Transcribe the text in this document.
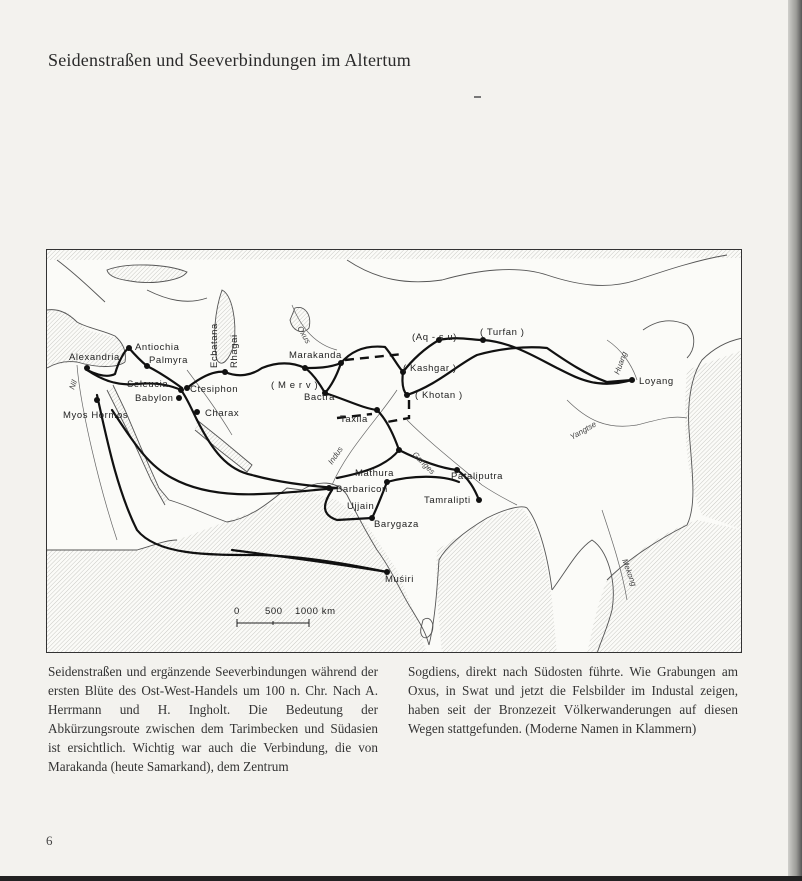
Seidenstraßen und Seeverbindungen im Altertum
Alexandria
Antiochia
Palmyra
Seleucia Ctesiphon
Babylon
Charax
Myos Hormos
Ecbatana Rhagai	Marakanda
( M e r v )
Bactra
Taxila
(Aq - s u) ( Turfan )
( Kashgar )
( Khotan )
Loyang
Mathura
Barbaricon
Ujjain
Pataliputra
Tamralipti
Barygaza
Muśiri
Nil
Oxus
Indus	Ganges
Yangtse
Huang
Mekong
0	500 1000 km
Seidenstraßen und ergänzende Seeverbindungen während der ersten Blüte des Ost-West-Handels um 100 n. Chr. Nach A. Herrmann und H. Ingholt. Die Bedeutung der Abkürzungsroute zwischen dem Tarimbecken und Südasien ist ersichtlich. Wichtig war auch die Verbindung, die von Marakanda (heute Samarkand), dem Zentrum
Sogdiens, direkt nach Südosten führte. Wie Grabungen am Oxus, in Swat und jetzt die Felsbilder im Industal zeigen, haben seit der Bronzezeit Völkerwanderungen auf diesen Wegen stattgefunden. (Moderne Namen in Klammern)
6
